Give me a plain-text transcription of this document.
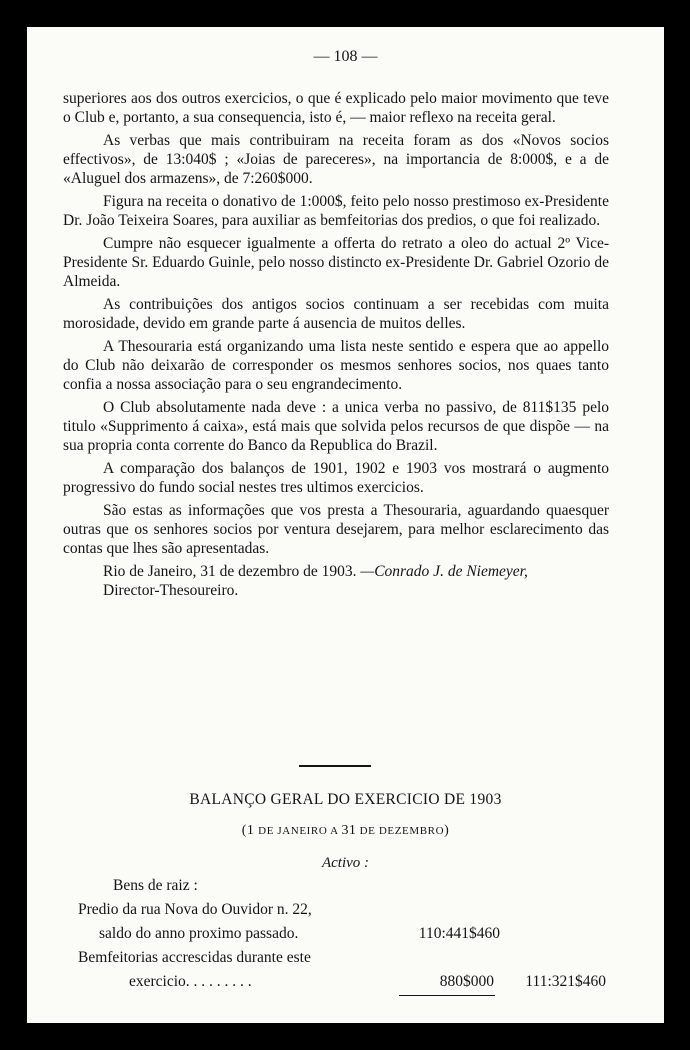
— 108 —

superiores aos dos outros exercicios, o que é explicado pelo maior movimento que teve o Club e, portanto, a sua consequencia, isto é, — maior reflexo na receita geral.

As verbas que mais contribuiram na receita foram as dos «Novos socios effectivos», de 13:040$ ; «Joias de pareceres», na importancia de 8:000$, e a de «Aluguel dos armazens», de 7:260$000.

Figura na receita o donativo de 1:000$, feito pelo nosso prestimoso ex-Presidente Dr. João Teixeira Soares, para auxiliar as bemfeitorias dos predios, o que foi realizado.

Cumpre não esquecer igualmente a offerta do retrato a oleo do actual 2º Vice-Presidente Sr. Eduardo Guinle, pelo nosso distincto ex-Presidente Dr. Gabriel Ozorio de Almeida.

As contribuições dos antigos socios continuam a ser recebidas com muita morosidade, devido em grande parte á ausencia de muitos delles.

A Thesouraria está organizando uma lista neste sentido e espera que ao appello do Club não deixarão de corresponder os mesmos senhores socios, nos quaes tanto confia a nossa associação para o seu engrandecimento.

O Club absolutamente nada deve : a unica verba no passivo, de 811$135 pelo titulo «Supprimento á caixa», está mais que solvida pelos recursos de que dispõe — na sua propria conta corrente do Banco da Republica do Brazil.

A comparação dos balanços de 1901, 1902 e 1903 vos mostrará o augmento progressivo do fundo social nestes tres ultimos exercicios.

São estas as informações que vos presta a Thesouraria, aguardando quaesquer outras que os senhores socios por ventura desejarem, para melhor esclarecimento das contas que lhes são apresentadas.

Rio de Janeiro, 31 de dezembro de 1903. —Conrado J. de Niemeyer,
Director-Thesoureiro.

BALANÇO GERAL DO EXERCICIO DE 1903
(1 DE JANEIRO A 31 DE DEZEMBRO)
Activo :
Bens de raiz :
Predio da rua Nova do Ouvidor n. 22,
saldo do anno proximo passado.	110:441$460
Bemfeitorias accrescidas durante este
exercicio. . . . . . . . .	880$000 111:321$460
